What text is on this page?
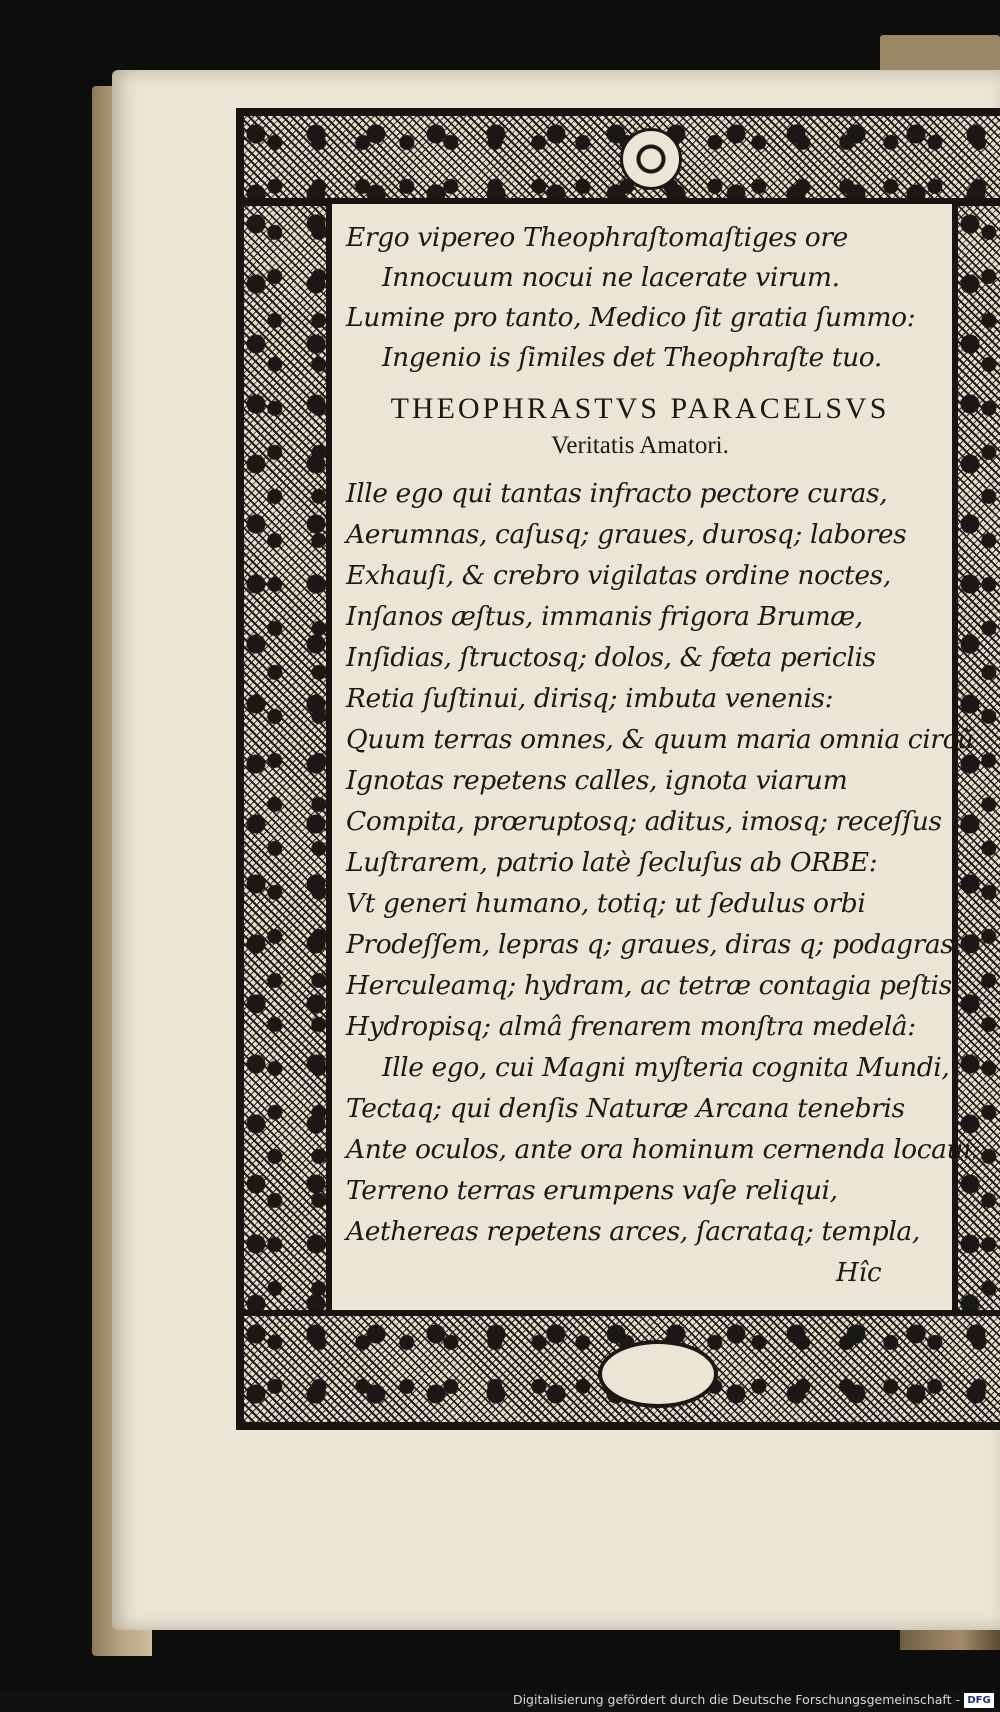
Ergo vipereo Theophraſtomaſtiges ore
Innocuum nocui ne lacerate virum.
Lumine pro tanto, Medico ſit gratia ſummo:
Ingenio is ſimiles det Theophraſte tuo.
THEOPHRASTVS PARACELSVS
Veritatis Amatori.
Ille ego qui tantas infracto pectore curas,
Aerumnas, caſusq; graues, durosq; labores
Exhauſi, & crebro vigilatas ordine noctes,
Inſanos æſtus, immanis frigora Brumæ,
Inſidias, ſtructosq; dolos, & fœta periclis
Retia ſuſtinui, dirisq; imbuta venenis:
Quum terras omnes, & quum maria omnia circũ
Ignotas repetens calles, ignota viarum
Compita, prœruptosq; aditus, imosq; receſſus
Luſtrarem, patrio latè ſecluſus ab ORBE:
Vt generi humano, totiq; ut ſedulus orbi
Prodeſſem, lepras q; graues, diras q; podagras,
Herculeamq; hydram, ac tetræ contagia peſtis
Hydropisq; almâ frenarem monſtra medelâ:
Ille ego, cui Magni myſteria cognita Mundi,
Tectaq; qui denſis Naturæ Arcana tenebris
Ante oculos, ante ora hominum cernenda locaui:
Terreno terras erumpens vaſe reliqui,
Aethereas repetens arces, ſacrataq; templa,
Hîc
Digitalisierung gefördert durch die Deutsche Forschungsgemeinschaft - DFG
